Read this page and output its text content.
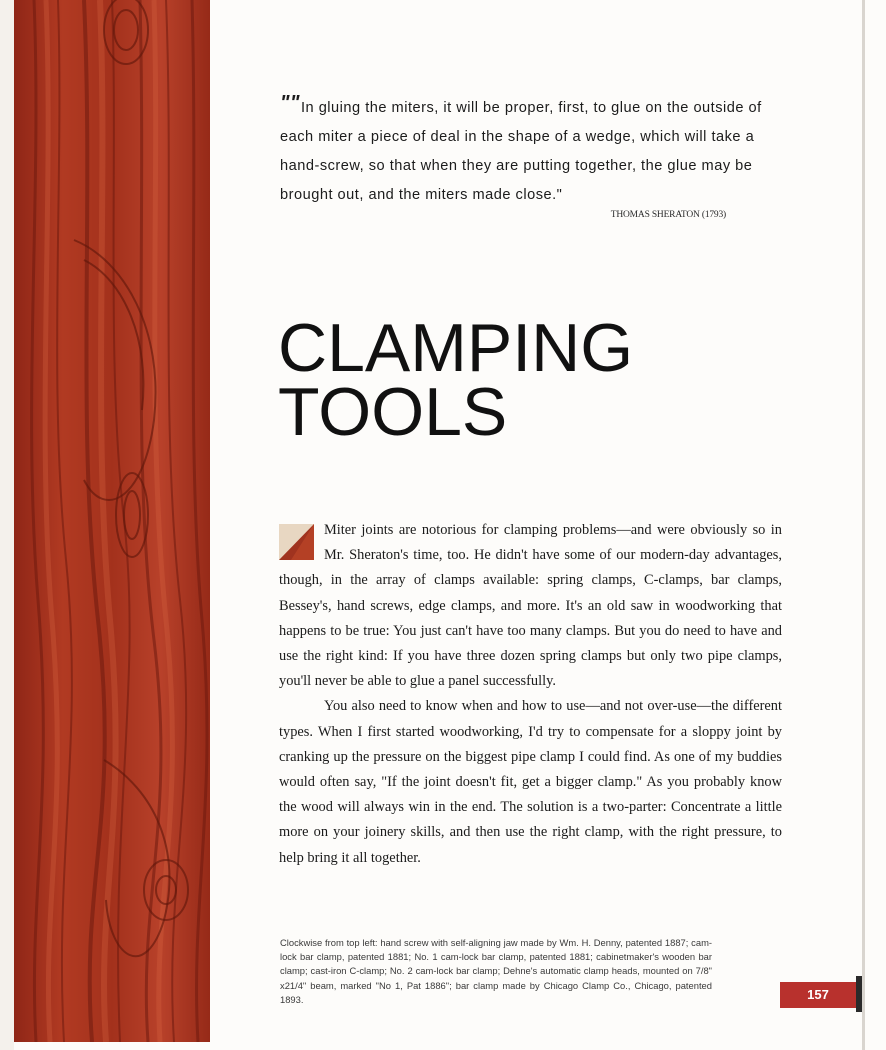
""In gluing the miters, it will be proper, first, to glue on the outside of each miter a piece of deal in the shape of a wedge, which will take a hand-screw, so that when they are putting together, the glue may be brought out, and the miters made close."
THOMAS SHERATON (1793)
CLAMPING
TOOLS

Miter joints are notorious for clamping problems—and were obviously so in Mr. Sheraton's time, too. He didn't have some of our modern-day advantages, though, in the array of clamps available: spring clamps, C-clamps, bar clamps, Bessey's, hand screws, edge clamps, and more. It's an old saw in woodworking that happens to be true: You just can't have too many clamps. But you do need to have and use the right kind: If you have three dozen spring clamps but only two pipe clamps, you'll never be able to glue a panel successfully.

You also need to know when and how to use—and not over-use—the different types. When I first started woodworking, I'd try to compensate for a sloppy joint by cranking up the pressure on the biggest pipe clamp I could find. As one of my buddies would often say, "If the joint doesn't fit, get a bigger clamp." As you probably know the wood will always win in the end. The solution is a two-parter: Concentrate a little more on your joinery skills, and then use the right clamp, with the right pressure, to help bring it all together.

Clockwise from top left: hand screw with self-aligning jaw made by Wm. H. Denny, patented 1887; cam-lock bar clamp, patented 1881; No. 1 cam-lock bar clamp, patented 1881; cabinetmaker's wooden bar clamp; cast-iron C-clamp; No. 2 cam-lock bar clamp; Dehne's automatic clamp heads, mounted on 7/8" x21/4" beam, marked "No 1, Pat 1886"; bar clamp made by Chicago Clamp Co., Chicago, patented 1893.	157
